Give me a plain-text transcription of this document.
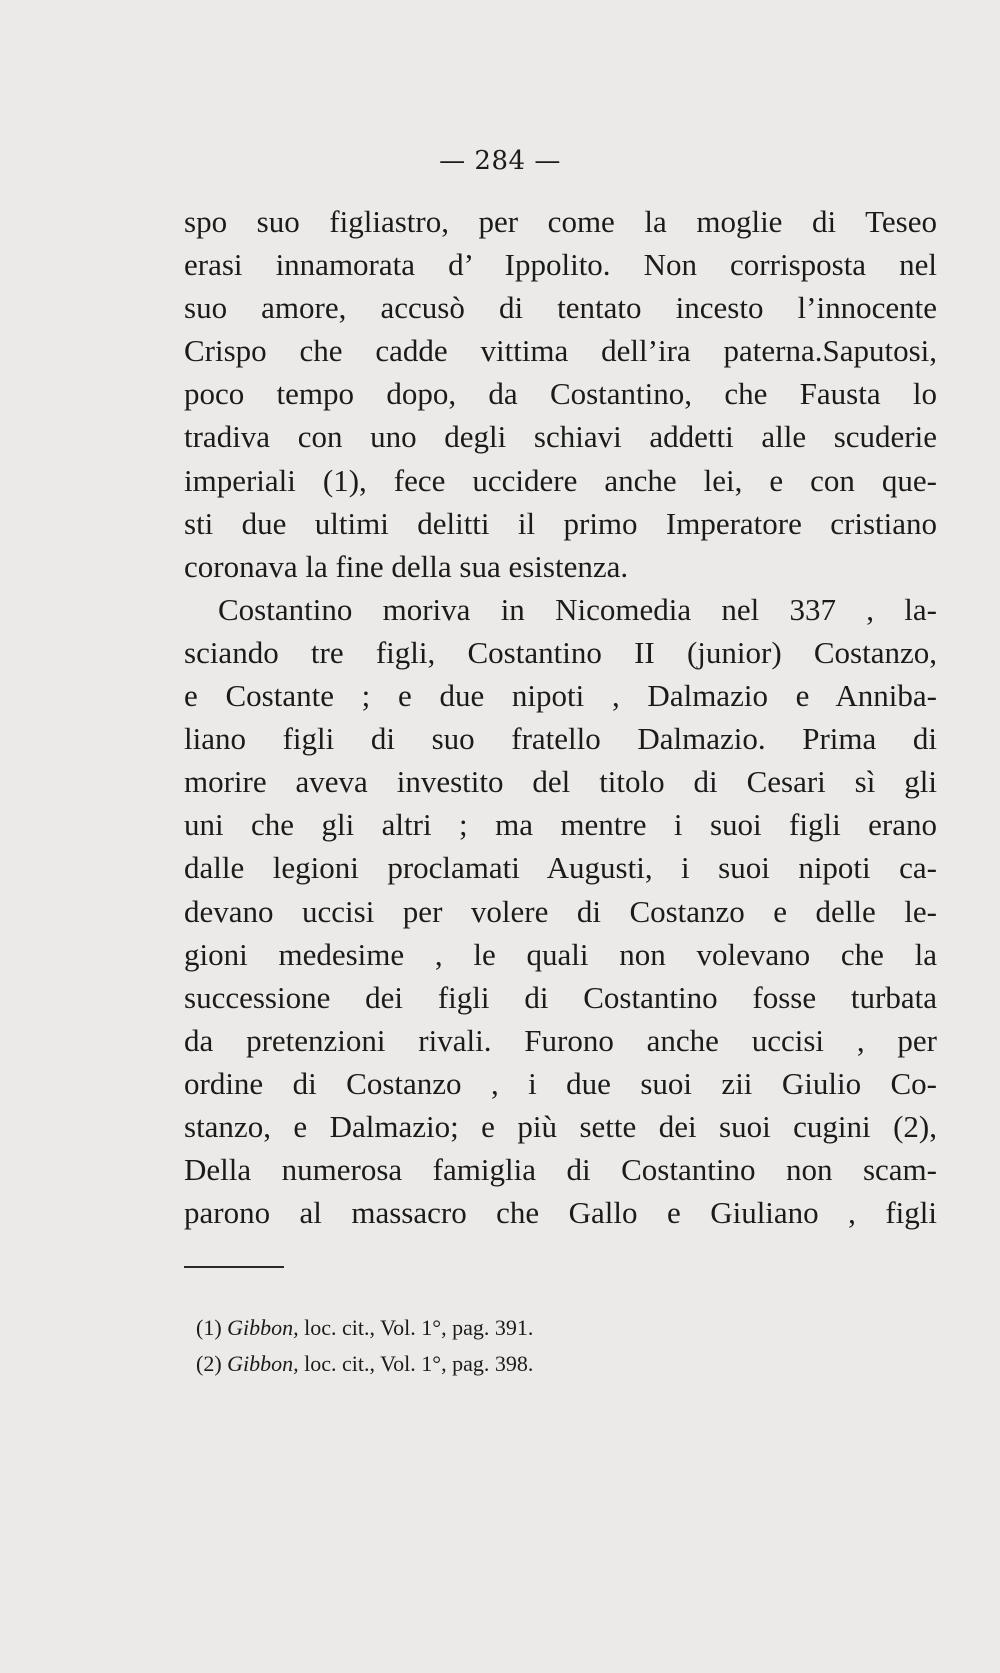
— 284 —
spo suo figliastro, per come la moglie di Teseo
erasi innamorata d’ Ippolito. Non corrisposta nel
suo amore, accusò di tentato incesto l’innocente
Crispo che cadde vittima dell’ira paterna.Saputosi,
poco tempo dopo, da Costantino, che Fausta lo
tradiva con uno degli schiavi addetti alle scuderie
imperiali (1), fece uccidere anche lei, e con que-
sti due ultimi delitti il primo Imperatore cristiano
coronava la fine della sua esistenza.
Costantino moriva in Nicomedia nel 337 , la-
sciando tre figli, Costantino II (junior) Costanzo,
e Costante ; e due nipoti , Dalmazio e Anniba-
liano figli di suo fratello Dalmazio. Prima di
morire aveva investito del titolo di Cesari sì gli
uni che gli altri ; ma mentre i suoi figli erano
dalle legioni proclamati Augusti, i suoi nipoti ca-
devano uccisi per volere di Costanzo e delle le-
gioni medesime , le quali non volevano che la
successione dei figli di Costantino fosse turbata
da pretenzioni rivali. Furono anche uccisi , per
ordine di Costanzo , i due suoi zii Giulio Co-
stanzo, e Dalmazio; e più sette dei suoi cugini (2),
Della numerosa famiglia di Costantino non scam-
parono al massacro che Gallo e Giuliano , figli
(1) Gibbon, loc. cit., Vol. 1°, pag. 391.
(2) Gibbon, loc. cit., Vol. 1°, pag. 398.
